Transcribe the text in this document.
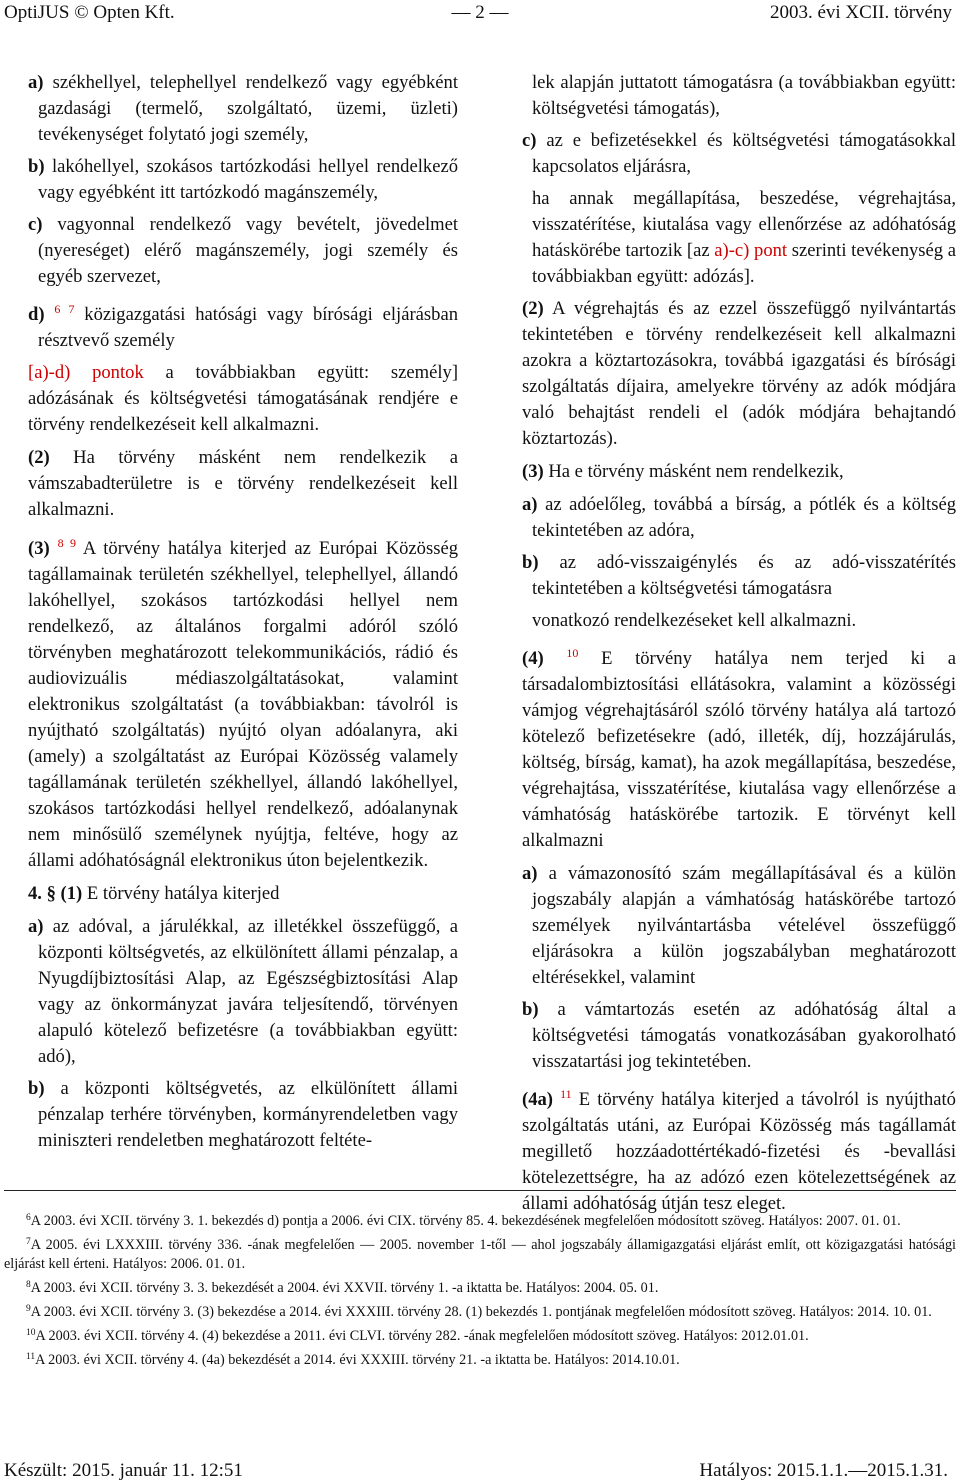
OptiJUS © Opten Kft.	— 2 —	2003. évi XCII. törvény

a) székhellyel, telephellyel rendelkező vagy egyébként gazdasági (termelő, szolgáltató, üzemi, üzleti) tevékenységet folytató jogi személy,

b) lakóhellyel, szokásos tartózkodási hellyel rendelkező vagy egyébként itt tartózkodó magánszemély,

c) vagyonnal rendelkező vagy bevételt, jövedelmet (nyereséget) elérő magánszemély, jogi személy és egyéb szervezet,

d) $^{6 7}$ közigazgatási hatósági vagy bírósági eljárásban résztvevő személy

[a)-d) pontok a továbbiakban együtt: személy] adózásának és költségvetési támogatásának rendjére e törvény rendelkezéseit kell alkalmazni.

(2) Ha törvény másként nem rendelkezik a vámszabadterületre is e törvény rendelkezéseit kell alkalmazni.

(3) $^{8 9}$ A törvény hatálya kiterjed az Európai Közösség tagállamainak területén székhellyel, telephellyel, állandó lakóhellyel, szokásos tartózkodási hellyel nem rendelkező, az általános forgalmi adóról szóló törvényben meghatározott telekommunikációs, rádió és audiovizuális médiaszolgáltatásokat, valamint elektronikus szolgáltatást (a továbbiakban: távolról is nyújtható szolgáltatás) nyújtó olyan adóalanyra, aki (amely) a szolgáltatást az Európai Közösség valamely tagállamának területén székhellyel, állandó lakóhellyel, szokásos tartózkodási hellyel rendelkező, adóalanynak nem minősülő személynek nyújtja, feltéve, hogy az állami adóhatóságnál elektronikus úton bejelentkezik.

4. § (1) E törvény hatálya kiterjed

a) az adóval, a járulékkal, az illetékkel összefüggő, a központi költségvetés, az elkülönített állami pénzalap, a Nyugdíjbiztosítási Alap, az Egészségbiztosítási Alap vagy az önkormányzat javára teljesítendő, törvényen alapuló kötelező befizetésre (a továbbiakban együtt: adó),

b) a központi költségvetés, az elkülönített állami pénzalap terhére törvényben, kormányrendeletben vagy miniszteri rendeletben meghatározott feltéte-

lek alapján juttatott támogatásra (a továbbiakban együtt: költségvetési támogatás),

c) az e befizetésekkel és költségvetési támogatásokkal kapcsolatos eljárásra,

ha annak megállapítása, beszedése, végrehajtása, visszatérítése, kiutalása vagy ellenőrzése az adóhatóság hatáskörébe tartozik [az a)-c) pont szerinti tevékenység a továbbiakban együtt: adózás].

(2) A végrehajtás és az ezzel összefüggő nyilvántartás tekintetében e törvény rendelkezéseit kell alkalmazni azokra a köztartozásokra, továbbá igazgatási és bírósági szolgáltatás díjaira, amelyekre törvény az adók módjára való behajtást rendeli el (adók módjára behajtandó köztartozás).

(3) Ha e törvény másként nem rendelkezik,

a) az adóelőleg, továbbá a bírság, a pótlék és a költség tekintetében az adóra,

b) az adó-visszaigénylés és az adó-visszatérítés tekintetében a költségvetési támogatásra

vonatkozó rendelkezéseket kell alkalmazni.

(4) $^{10}$ E törvény hatálya nem terjed ki a társadalombiztosítási ellátásokra, valamint a közösségi vámjog végrehajtásáról szóló törvény hatálya alá tartozó kötelező befizetésekre (adó, illeték, díj, hozzájárulás, költség, bírság, kamat), ha azok megállapítása, beszedése, végrehajtása, visszatérítése, kiutalása vagy ellenőrzése a vámhatóság hatáskörébe tartozik. E törvényt kell alkalmazni

a) a vámazonosító szám megállapításával és a külön jogszabály alapján a vámhatóság hatáskörébe tartozó személyek nyilvántartásba vételével összefüggő eljárásokra a külön jogszabályban meghatározott eltérésekkel, valamint

b) a vámtartozás esetén az adóhatóság által a költségvetési támogatás vonatkozásában gyakorolható visszatartási jog tekintetében.

(4a) $^{11}$ E törvény hatálya kiterjed a távolról is nyújtható szolgáltatás utáni, az Európai Közösség más tagállamát megillető hozzáadottértékadó-fizetési és -bevallási kötelezettségre, ha az adózó ezen kötelezettségének az állami adóhatóság útján tesz eleget.

$^6$A 2003. évi XCII. törvény 3. 1. bekezdés d) pontja a 2006. évi CIX. törvény 85. 4. bekezdésének megfelelően módosított szöveg. Hatályos: 2007. 01. 01.

$^7$A 2005. évi LXXXIII. törvény 336. -ának megfelelően — 2005. november 1-től — ahol jogszabály államigazgatási eljárást említ, ott közigazgatási hatósági eljárást kell érteni. Hatályos: 2006. 01. 01.

$^8$A 2003. évi XCII. törvény 3. 3. bekezdését a 2004. évi XXVII. törvény 1. -a iktatta be. Hatályos: 2004. 05. 01.

$^9$A 2003. évi XCII. törvény 3. (3) bekezdése a 2014. évi XXXIII. törvény 28. (1) bekezdés 1. pontjának megfelelően módosított szöveg. Hatályos: 2014. 10. 01.

$^{10}$A 2003. évi XCII. törvény 4. (4) bekezdése a 2011. évi CLVI. törvény 282. -ának megfelelően módosított szöveg. Hatályos: 2012.01.01.

$^{11}$A 2003. évi XCII. törvény 4. (4a) bekezdését a 2014. évi XXXIII. törvény 21. -a iktatta be. Hatályos: 2014.10.01.

Készült: 2015. január 11. 12:51	Hatályos: 2015.1.1.—2015.1.31.
